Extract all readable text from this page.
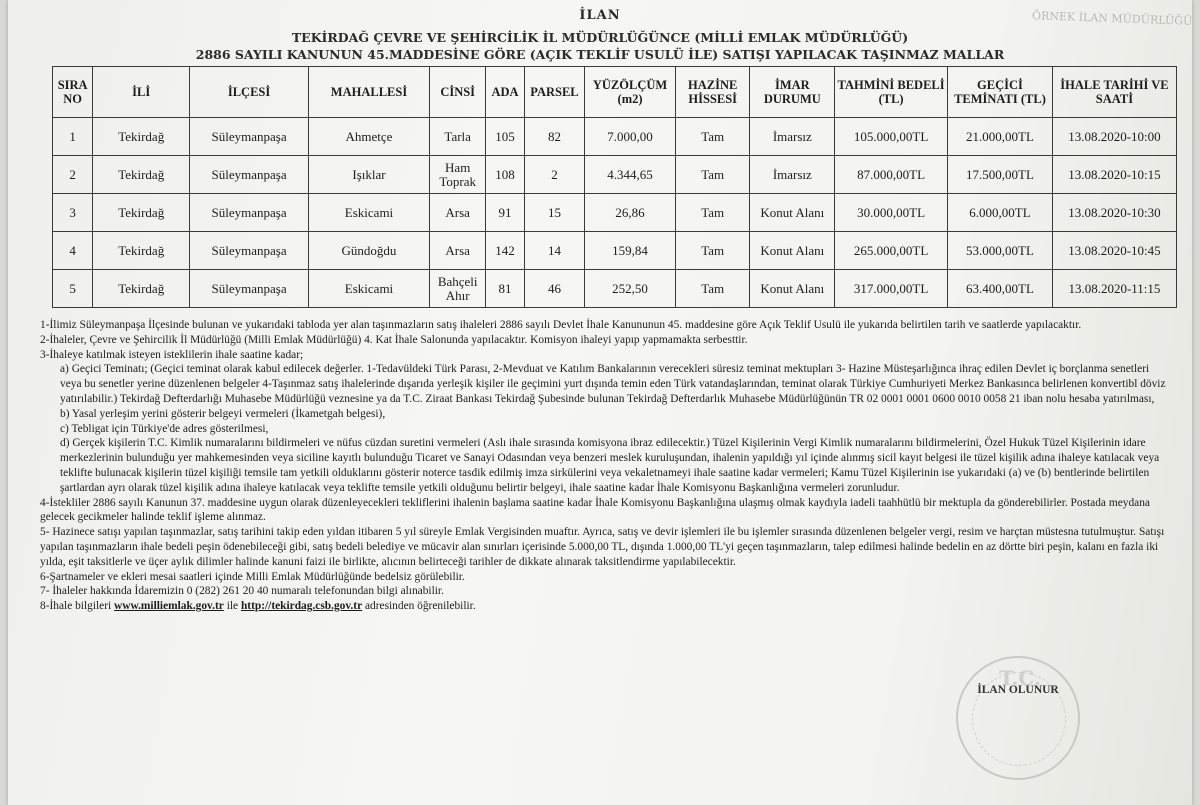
İLAN
TEKİRDAĞ ÇEVRE VE ŞEHİRCİLİK İL MÜDÜRLÜĞÜNCE (MİLLİ EMLAK MÜDÜRLÜĞÜ)
2886 SAYILI KANUNUN 45.MADDESİNE GÖRE (AÇIK TEKLİF USULÜ İLE) SATIŞI YAPILACAK TAŞINMAZ MALLAR
ÖRNEK İLAN MÜDÜRLÜĞÜ
SIRA NO	İLİ	İLÇESİ	MAHALLESİ	CİNSİ	ADA	PARSEL	YÜZÖLÇÜM (m2)	HAZİNE HİSSESİ	İMAR DURUMU	TAHMİNİ BEDELİ (TL)	GEÇİCİ TEMİNATI (TL)	İHALE TARİHİ VE SAATİ
1	Tekirdağ	Süleymanpaşa	Ahmetçe	Tarla	105	82	7.000,00	Tam	İmarsız	105.000,00TL	21.000,00TL	13.08.2020-10:00
2	Tekirdağ	Süleymanpaşa	Işıklar	Ham Toprak	108	2	4.344,65	Tam	İmarsız	87.000,00TL	17.500,00TL	13.08.2020-10:15
3	Tekirdağ	Süleymanpaşa	Eskicami	Arsa	91	15	26,86	Tam	Konut Alanı	30.000,00TL	6.000,00TL	13.08.2020-10:30
4	Tekirdağ	Süleymanpaşa	Gündoğdu	Arsa	142	14	159,84	Tam	Konut Alanı	265.000,00TL	53.000,00TL	13.08.2020-10:45
5	Tekirdağ	Süleymanpaşa	Eskicami	Bahçeli Ahır	81	46	252,50	Tam	Konut Alanı	317.000,00TL	63.400,00TL	13.08.2020-11:15

1-İlimiz Süleymanpaşa İlçesinde bulunan ve yukarıdaki tabloda yer alan taşınmazların satış ihaleleri 2886 sayılı Devlet İhale Kanununun 45. maddesine göre Açık Teklif Usulü ile yukarıda belirtilen tarih ve saatlerde yapılacaktır.

2-İhaleler, Çevre ve Şehircilik İl Müdürlüğü (Milli Emlak Müdürlüğü) 4. Kat İhale Salonunda yapılacaktır. Komisyon ihaleyi yapıp yapmamakta serbesttir.

3-İhaleye katılmak isteyen isteklilerin ihale saatine kadar;

a) Geçici Teminatı; (Geçici teminat olarak kabul edilecek değerler. 1-Tedavüldeki Türk Parası, 2-Mevduat ve Katılım Bankalarının verecekleri süresiz teminat mektupları 3- Hazine Müsteşarlığınca ihraç edilen Devlet iç borçlanma senetleri veya bu senetler yerine düzenlenen belgeler 4-Taşınmaz satış ihalelerinde dışarıda yerleşik kişiler ile geçimini yurt dışında temin eden Türk vatandaşlarından, teminat olarak Türkiye Cumhuriyeti Merkez Bankasınca belirlenen konvertibl döviz yatırılabilir.) Tekirdağ Defterdarlığı Muhasebe Müdürlüğü veznesine ya da T.C. Ziraat Bankası Tekirdağ Şubesinde bulunan Tekirdağ Defterdarlık Muhasebe Müdürlüğünün TR 02 0001 0001 0600 0010 0058 21 iban nolu hesaba yatırılması,

b) Yasal yerleşim yerini gösterir belgeyi vermeleri (İkametgah belgesi),

c) Tebligat için Türkiye'de adres gösterilmesi,

d) Gerçek kişilerin T.C. Kimlik numaralarını bildirmeleri ve nüfus cüzdan suretini vermeleri (Aslı ihale sırasında komisyona ibraz edilecektir.) Tüzel Kişilerinin Vergi Kimlik numaralarını bildirmelerini, Özel Hukuk Tüzel Kişilerinin idare merkezlerinin bulunduğu yer mahkemesinden veya siciline kayıtlı bulunduğu Ticaret ve Sanayi Odasından veya benzeri meslek kuruluşundan, ihalenin yapıldığı yıl içinde alınmış sicil kayıt belgesi ile tüzel kişilik adına ihaleye katılacak veya teklifte bulunacak kişilerin tüzel kişiliği temsile tam yetkili olduklarını gösterir noterce tasdik edilmiş imza sirkülerini veya vekaletnameyi ihale saatine kadar vermeleri; Kamu Tüzel Kişilerinin ise yukarıdaki (a) ve (b) bentlerinde belirtilen şartlardan ayrı olarak tüzel kişilik adına ihaleye katılacak veya teklifte temsile yetkili olduğunu belirtir belgeyi, ihale saatine kadar İhale Komisyonu Başkanlığına vermeleri zorunludur.

4-İstekliler 2886 sayılı Kanunun 37. maddesine uygun olarak düzenleyecekleri tekliflerini ihalenin başlama saatine kadar İhale Komisyonu Başkanlığına ulaşmış olmak kaydıyla iadeli taahhütlü bir mektupla da gönderebilirler. Postada meydana gelecek gecikmeler halinde teklif işleme alınmaz.

5- Hazinece satışı yapılan taşınmazlar, satış tarihini takip eden yıldan itibaren 5 yıl süreyle Emlak Vergisinden muaftır. Ayrıca, satış ve devir işlemleri ile bu işlemler sırasında düzenlenen belgeler vergi, resim ve harçtan müstesna tutulmuştur. Satışı yapılan taşınmazların ihale bedeli peşin ödenebileceği gibi, satış bedeli belediye ve mücavir alan sınırları içerisinde 5.000,00 TL, dışında 1.000,00 TL'yi geçen taşınmazların, talep edilmesi halinde bedelin en az dörtte biri peşin, kalanı en fazla iki yılda, eşit taksitlerle ve üçer aylık dilimler halinde kanuni faizi ile birlikte, alıcının belirteceği tarihler de dikkate alınarak taksitlendirme yapılabilecektir.

6-Şartnameler ve ekleri mesai saatleri içinde Milli Emlak Müdürlüğünde bedelsiz görülebilir.

7- İhaleler hakkında İdaremizin 0 (282) 261 20 40 numaralı telefonundan bilgi alınabilir.

8-İhale bilgileri www.milliemlak.gov.tr ile http://tekirdag.csb.gov.tr adresinden öğrenilebilir.

T.C.
İLAN OLUNUR
